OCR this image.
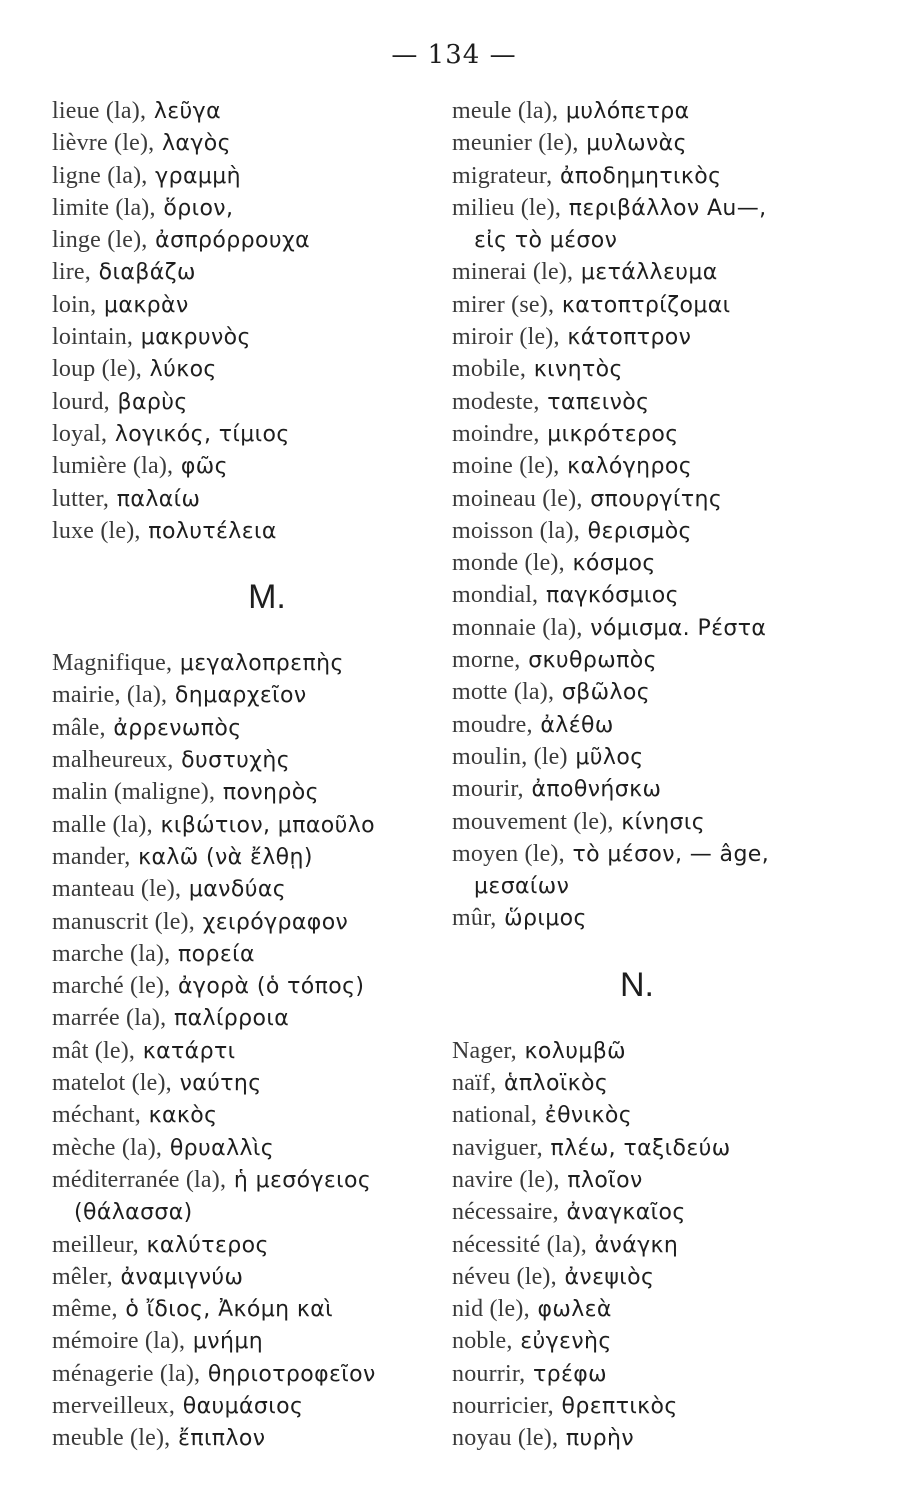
— 134 —
lieue (la), λεῦγα
lièvre (le), λαγὸς
ligne (la), γραμμὴ
limite (la), ὅριον,
linge (le), ἀσπρόρρουχα
lire, διαβάζω
loin, μακρὰν
lointain, μακρυνὸς
loup (le), λύκος
lourd, βαρὺς
loyal, λογικός, τίμιος
lumière (la), φῶς
lutter, παλαίω
luxe (le), πολυτέλεια
M.
Magnifique, μεγαλοπρεπὴς
mairie, (la), δημαρχεῖον
mâle, ἀρρενωπὸς
malheureux, δυστυχὴς
malin (maligne), πονηρὸς
malle (la), κιβώτιον, μπαοῦλο
mander, καλῶ (νὰ ἔλθῃ)
manteau (le), μανδύας
manuscrit (le), χειρόγραφον
marche (la), πορεία
marché (le), ἀγορὰ (ὁ τόπος)
marrée (la), παλίρροια
mât (le), κατάρτι
matelot (le), ναύτης
méchant, κακὸς
mèche (la), θρυαλλὶς
méditerranée (la), ἡ μεσόγειος
(θάλασσα)
meilleur, καλύτερος
mêler, ἀναμιγνύω
même, ὁ ἴδιος, Ἀκόμη καὶ
mémoire (la), μνήμη
ménagerie (la), θηριοτροφεῖον
merveilleux, θαυμάσιος
meuble (le), ἔπιπλον
meule (la), μυλόπετρα
meunier (le), μυλωνὰς
migrateur, ἀποδημητικὸς
milieu (le), περιβάλλον Au—,
εἰς τὸ μέσον
minerai (le), μετάλλευμα
mirer (se), κατοπτρίζομαι
miroir (le), κάτοπτρον
mobile, κινητὸς
modeste, ταπεινὸς
moindre, μικρότερος
moine (le), καλόγηρος
moineau (le), σπουργίτης
moisson (la), θερισμὸς
monde (le), κόσμος
mondial, παγκόσμιος
monnaie (la), νόμισμα. Ρέστα
morne, σκυθρωπὸς
motte (la), σβῶλος
moudre, ἀλέθω
moulin, (le) μῦλος
mourir, ἀποθνήσκω
mouvement (le), κίνησις
moyen (le), τὸ μέσον, — âge,
μεσαίων
mûr, ὥριμος
N.
Nager, κολυμβῶ
naïf, ἁπλοϊκὸς
national, ἐθνικὸς
naviguer, πλέω, ταξιδεύω
navire (le), πλοῖον
nécessaire, ἀναγκαῖος
nécessité (la), ἀνάγκη
néveu (le), ἀνεψιὸς
nid (le), φωλεὰ
noble, εὐγενὴς
nourrir, τρέφω
nourricier, θρεπτικὸς
noyau (le), πυρὴν
